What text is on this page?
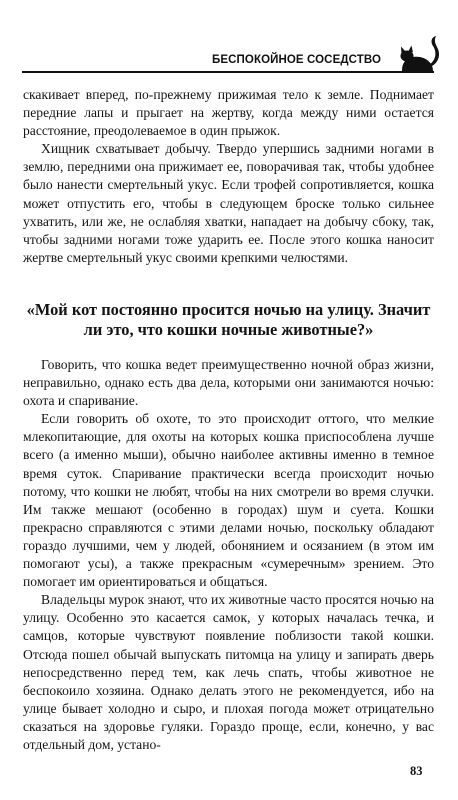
БЕСПОКОЙНОЕ СОСЕДСТВО

скакивает вперед, по-прежнему прижимая тело к земле. Поднимает передние лапы и прыгает на жертву, когда между ними остается расстояние, преодолеваемое в один прыжок.

Хищник схватывает добычу. Твердо упершись задними ногами в землю, передними она прижимает ее, поворачивая так, чтобы удобнее было нанести смертельный укус. Если трофей сопротивляется, кошка может отпустить его, чтобы в следующем броске только сильнее ухватить, или же, не ослабляя хватки, нападает на добычу сбоку, так, чтобы задними ногами тоже ударить ее. После этого кошка наносит жертве смертельный укус своими крепкими челюстями.

«Мой кот постоянно просится ночью на улицу. Значит ли это, что кошки ночные животные?»

Говорить, что кошка ведет преимущественно ночной образ жизни, неправильно, однако есть два дела, которыми они занимаются ночью: охота и спаривание.

Если говорить об охоте, то это происходит оттого, что мелкие млекопитающие, для охоты на которых кошка приспособлена лучше всего (а именно мыши), обычно наиболее активны именно в темное время суток. Спаривание практически всегда происходит ночью потому, что кошки не любят, чтобы на них смотрели во время случки. Им также мешают (особенно в городах) шум и суета. Кошки прекрасно справляются с этими делами ночью, поскольку обладают гораздо лучшими, чем у людей, обонянием и осязанием (в этом им помогают усы), а также прекрасным «сумеречным» зрением. Это помогает им ориентироваться и общаться.

Владельцы мурок знают, что их животные часто просятся ночью на улицу. Особенно это касается самок, у которых началась течка, и самцов, которые чувствуют появление поблизости такой кошки. Отсюда пошел обычай выпускать питомца на улицу и запирать дверь непосредственно перед тем, как лечь спать, чтобы животное не беспокоило хозяина. Однако делать этого не рекомендуется, ибо на улице бывает холодно и сыро, и плохая погода может отрицательно сказаться на здоровье гуляки. Гораздо проще, если, конечно, у вас отдельный дом, устано-

83
